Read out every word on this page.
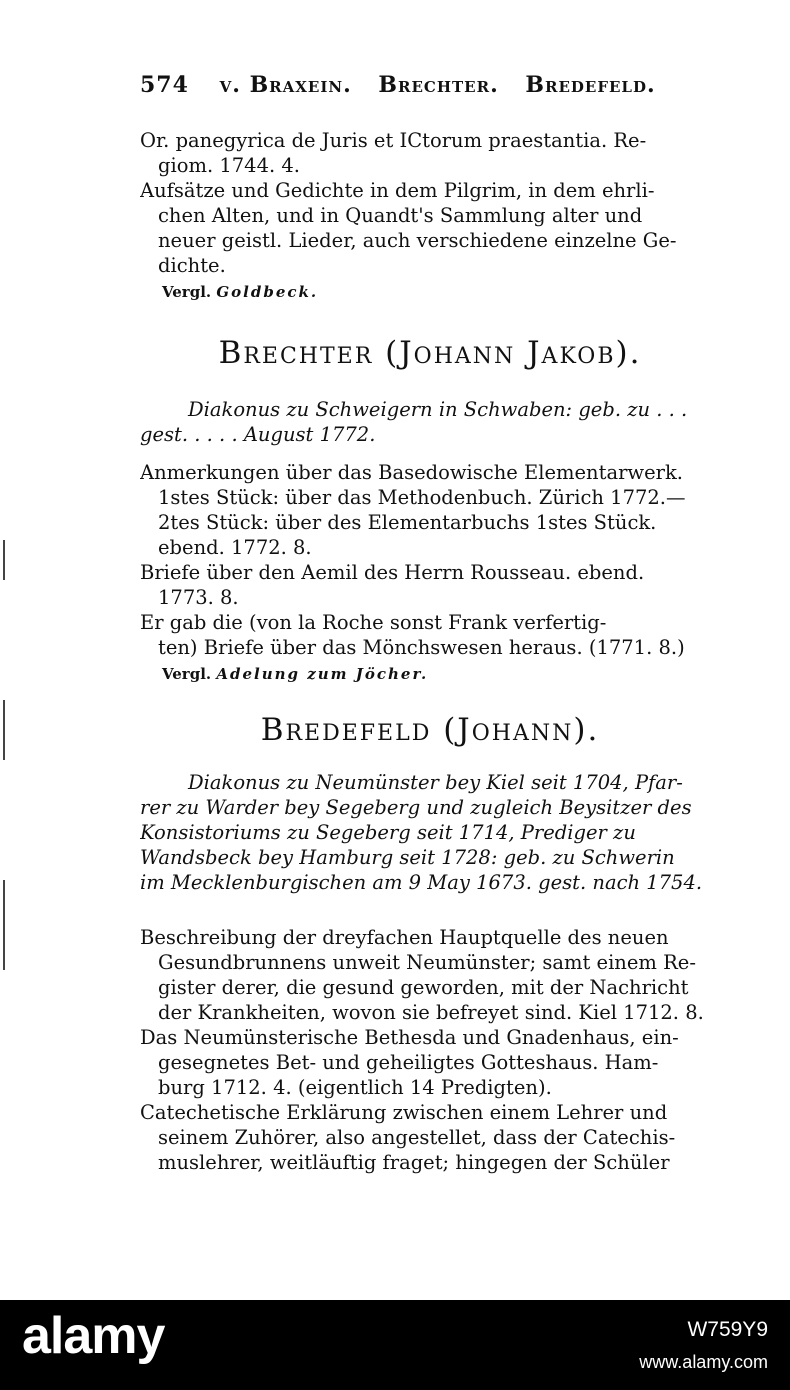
574 v. Braxein. Brechter. Bredefeld.
Or. panegyrica de Juris et ICtorum praestantia. Re-
giom. 1744. 4.
Aufsätze und Gedichte in dem Pilgrim, in dem ehrli-
chen Alten, und in Quandt's Sammlung alter und
neuer geistl. Lieder, auch verschiedene einzelne Ge-
dichte.
Vergl. Goldbeck.
Brechter (Johann Jakob).
Diakonus zu Schweigern in Schwaben: geb. zu . . .
gest. . . . . August 1772.
Anmerkungen über das Basedowische Elementarwerk.
1stes Stück: über das Methodenbuch. Zürich 1772.—
2tes Stück: über des Elementarbuchs 1stes Stück.
ebend. 1772. 8.
Briefe über den Aemil des Herrn Rousseau. ebend.
1773. 8.
Er gab die (von la Roche sonst Frank verfertig-
ten) Briefe über das Mönchswesen heraus. (1771. 8.)
Vergl. Adelung zum Jöcher.
Bredefeld (Johann).
Diakonus zu Neumünster bey Kiel seit 1704, Pfar-
rer zu Warder bey Segeberg und zugleich Beysitzer des
Konsistoriums zu Segeberg seit 1714, Prediger zu
Wandsbeck bey Hamburg seit 1728: geb. zu Schwerin
im Mecklenburgischen am 9 May 1673. gest. nach 1754.
Beschreibung der dreyfachen Hauptquelle des neuen
Gesundbrunnens unweit Neumünster; samt einem Re-
gister derer, die gesund geworden, mit der Nachricht
der Krankheiten, wovon sie befreyet sind. Kiel 1712. 8.
Das Neumünsterische Bethesda und Gnadenhaus, ein-
gesegnetes Bet- und geheiligtes Gotteshaus. Ham-
burg 1712. 4. (eigentlich 14 Predigten).
Catechetische Erklärung zwischen einem Lehrer und
seinem Zuhörer, also angestellet, dass der Catechis-
muslehrer, weitläuftig fraget; hingegen der Schüler
alamy	W759Y9
www.alamy.com
